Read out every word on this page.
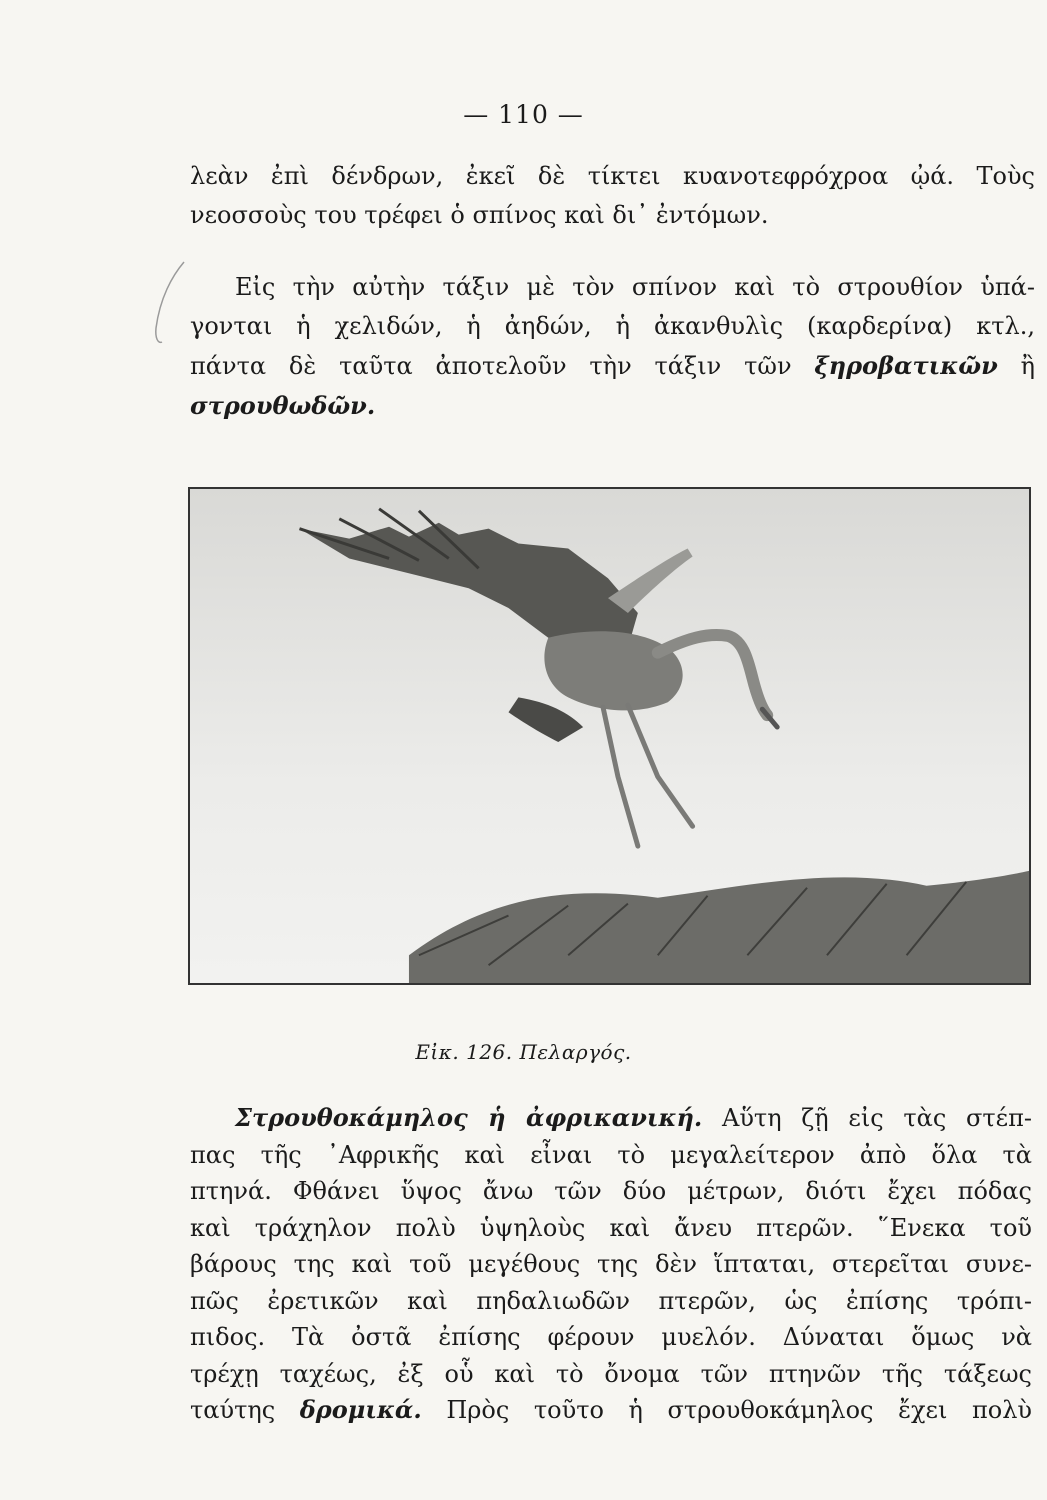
— 110 —
λεὰν ἐπὶ δένδρων, ἐκεῖ δὲ τίκτει κυανοτεφρόχροα ᾠά. Τοὺς
νεοσσοὺς του τρέφει ὁ σπίνος καὶ δι᾿ ἐντόμων.
Εἰς τὴν αὐτὴν τάξιν μὲ τὸν σπίνον καὶ τὸ στρουθίον ὑπά-
γονται ἡ χελιδών, ἡ ἀηδών, ἡ ἀκανθυλὶς (καρδερίνα) κτλ.,
πάντα δὲ ταῦτα ἀποτελοῦν τὴν τάξιν τῶν ξηροβατικῶν ἢ
στρουθωδῶν.
Εἰκ. 126. Πελαργός.
Στρουθοκάμηλος ἡ ἀφρικανική. Αὕτη ζῇ εἰς τὰς στέπ-
πας τῆς ᾿Αφρικῆς καὶ εἶναι τὸ μεγαλείτερον ἀπὸ ὅλα τὰ
πτηνά. Φθάνει ὕψος ἄνω τῶν δύο μέτρων, διότι ἔχει πόδας
καὶ τράχηλον πολὺ ὑψηλοὺς καὶ ἄνευ πτερῶν. ῞Ενεκα τοῦ
βάρους της καὶ τοῦ μεγέθους της δὲν ἵπταται, στερεῖται συνε-
πῶς ἐρετικῶν καὶ πηδαλιωδῶν πτερῶν, ὡς ἐπίσης τρόπι-
πιδος. Τὰ ὀστᾶ ἐπίσης φέρουν μυελόν. Δύναται ὅμως νὰ
τρέχῃ ταχέως, ἐξ οὗ καὶ τὸ ὄνομα τῶν πτηνῶν τῆς τάξεως
ταύτης δρομικά. Πρὸς τοῦτο ἡ στρουθοκάμηλος ἔχει πολὺ
